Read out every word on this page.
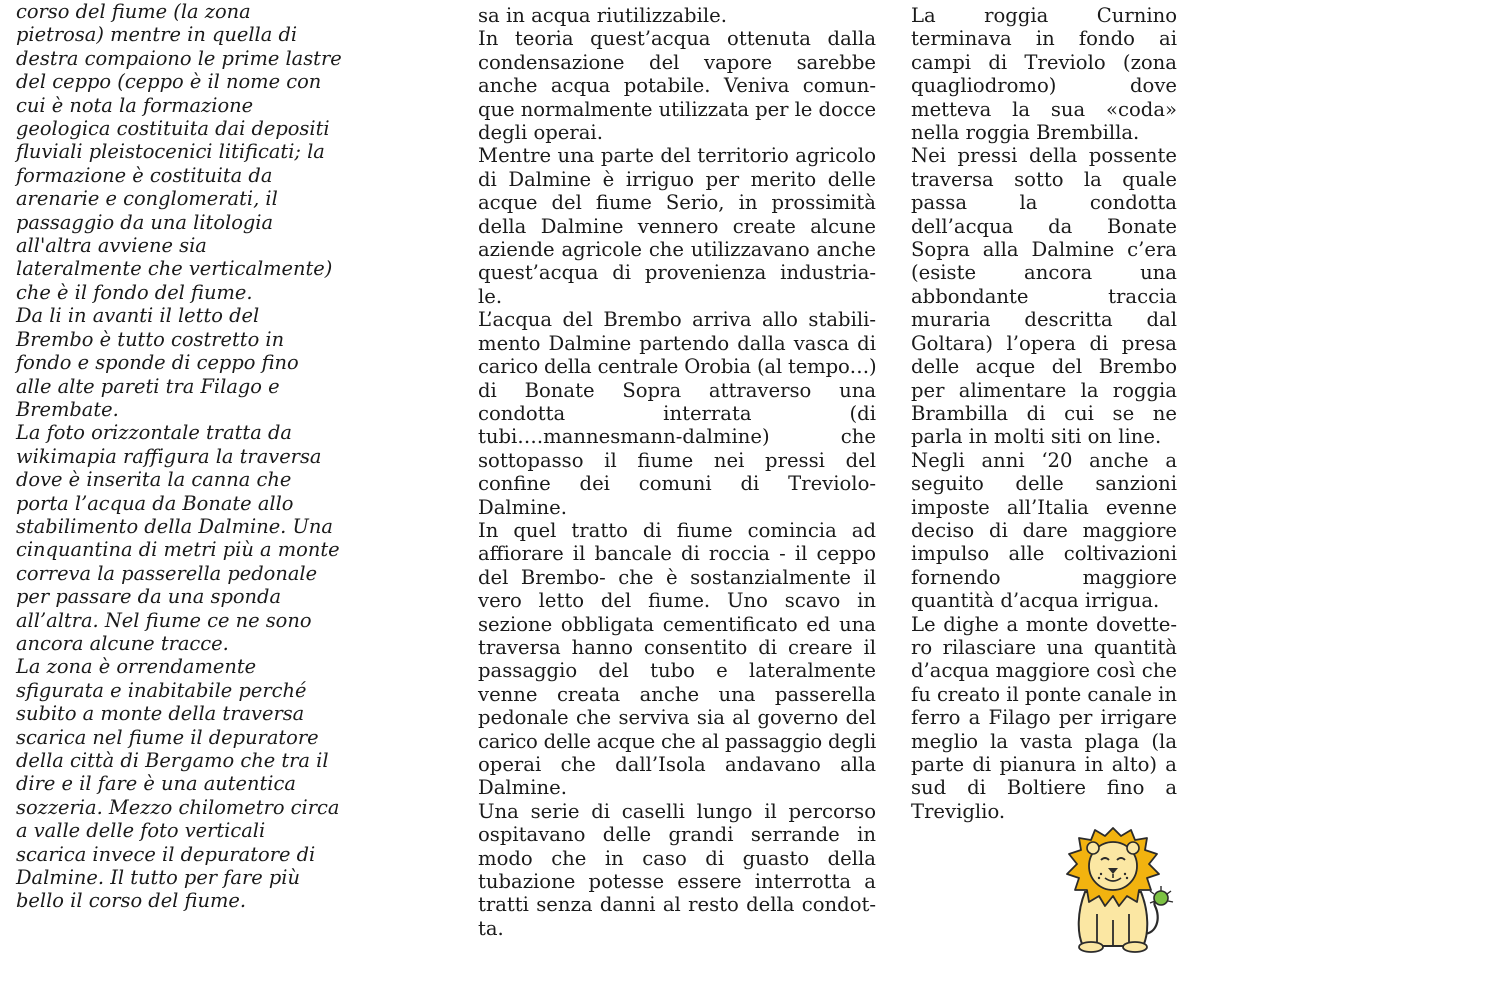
corso del fiume (la zona
pietrosa) mentre in quella di
destra compaiono le prime lastre
del ceppo (ceppo è il nome con
cui è nota la formazione
geologica costituita dai depositi
fluviali pleistocenici litificati; la
formazione è costituita da
arenarie e conglomerati, il
passaggio da una litologia
all'altra avviene sia
lateralmente che verticalmente)
che è il fondo del fiume.

Da li in avanti il letto del
Brembo è tutto costretto in
fondo e sponde di ceppo fino
alle alte pareti tra Filago e
Brembate.

La foto orizzontale tratta da
wikimapia raffigura la traversa
dove è inserita la canna che
porta l’acqua da Bonate allo
stabilimento della Dalmine. Una
cinquantina di metri più a monte
correva la passerella pedonale
per passare da una sponda
all’altra. Nel fiume ce ne sono
ancora alcune tracce.

La zona è orrendamente
sfigurata e inabitabile perché
subito a monte della traversa
scarica nel fiume il depuratore
della città di Bergamo che tra il
dire e il fare è una autentica
sozzeria. Mezzo chilometro circa
a valle delle foto verticali
scarica invece il depuratore di
Dalmine. Il tutto per fare più
bello il corso del fiume.

sa in acqua riutilizzabile.

In teoria quest’acqua ottenuta dalla
condensazione del vapore sarebbe
anche acqua potabile. Veniva comun-
que normalmente utilizzata per le docce
degli operai.

Mentre una parte del territorio agricolo
di Dalmine è irriguo per merito delle
acque del fiume Serio, in prossimità
della Dalmine vennero create alcune
aziende agricole che utilizzavano anche
quest’acqua di provenienza industria-
le.

L’acqua del Brembo arriva allo stabili-
mento Dalmine partendo dalla vasca di
carico della centrale Orobia (al tempo…)
di Bonate Sopra attraverso una
condotta interrata (di
tubi….mannesmann-dalmine) che
sottopasso il fiume nei pressi del
confine dei comuni di Treviolo-
Dalmine.

In quel tratto di fiume comincia ad
affiorare il bancale di roccia - il ceppo
del Brembo- che è sostanzialmente il
vero letto del fiume. Uno scavo in
sezione obbligata cementificato ed una
traversa hanno consentito di creare il
passaggio del tubo e lateralmente
venne creata anche una passerella
pedonale che serviva sia al governo del
carico delle acque che al passaggio degli
operai che dall’Isola andavano alla
Dalmine.

Una serie di caselli lungo il percorso
ospitavano delle grandi serrande in
modo che in caso di guasto della
tubazione potesse essere interrotta a
tratti senza danni al resto della condot-
ta.

La roggia Curnino
terminava in fondo ai
campi di Treviolo (zona
quagliodromo) dove
metteva la sua «coda»
nella roggia Brembilla.

Nei pressi della possente
traversa sotto la quale
passa la condotta
dell’acqua da Bonate
Sopra alla Dalmine c’era
(esiste ancora una
abbondante traccia
muraria descritta dal
Goltara) l’opera di presa
delle acque del Brembo
per alimentare la roggia
Brambilla di cui se ne
parla in molti siti on line.

Negli anni ‘20 anche a
seguito delle sanzioni
imposte all’Italia evenne
deciso di dare maggiore
impulso alle coltivazioni
fornendo maggiore
quantità d’acqua irrigua.

Le dighe a monte dovette-
ro rilasciare una quantità
d’acqua maggiore così che
fu creato il ponte canale in
ferro a Filago per irrigare
meglio la vasta plaga (la
parte di pianura in alto) a
sud di Boltiere fino a
Treviglio.
